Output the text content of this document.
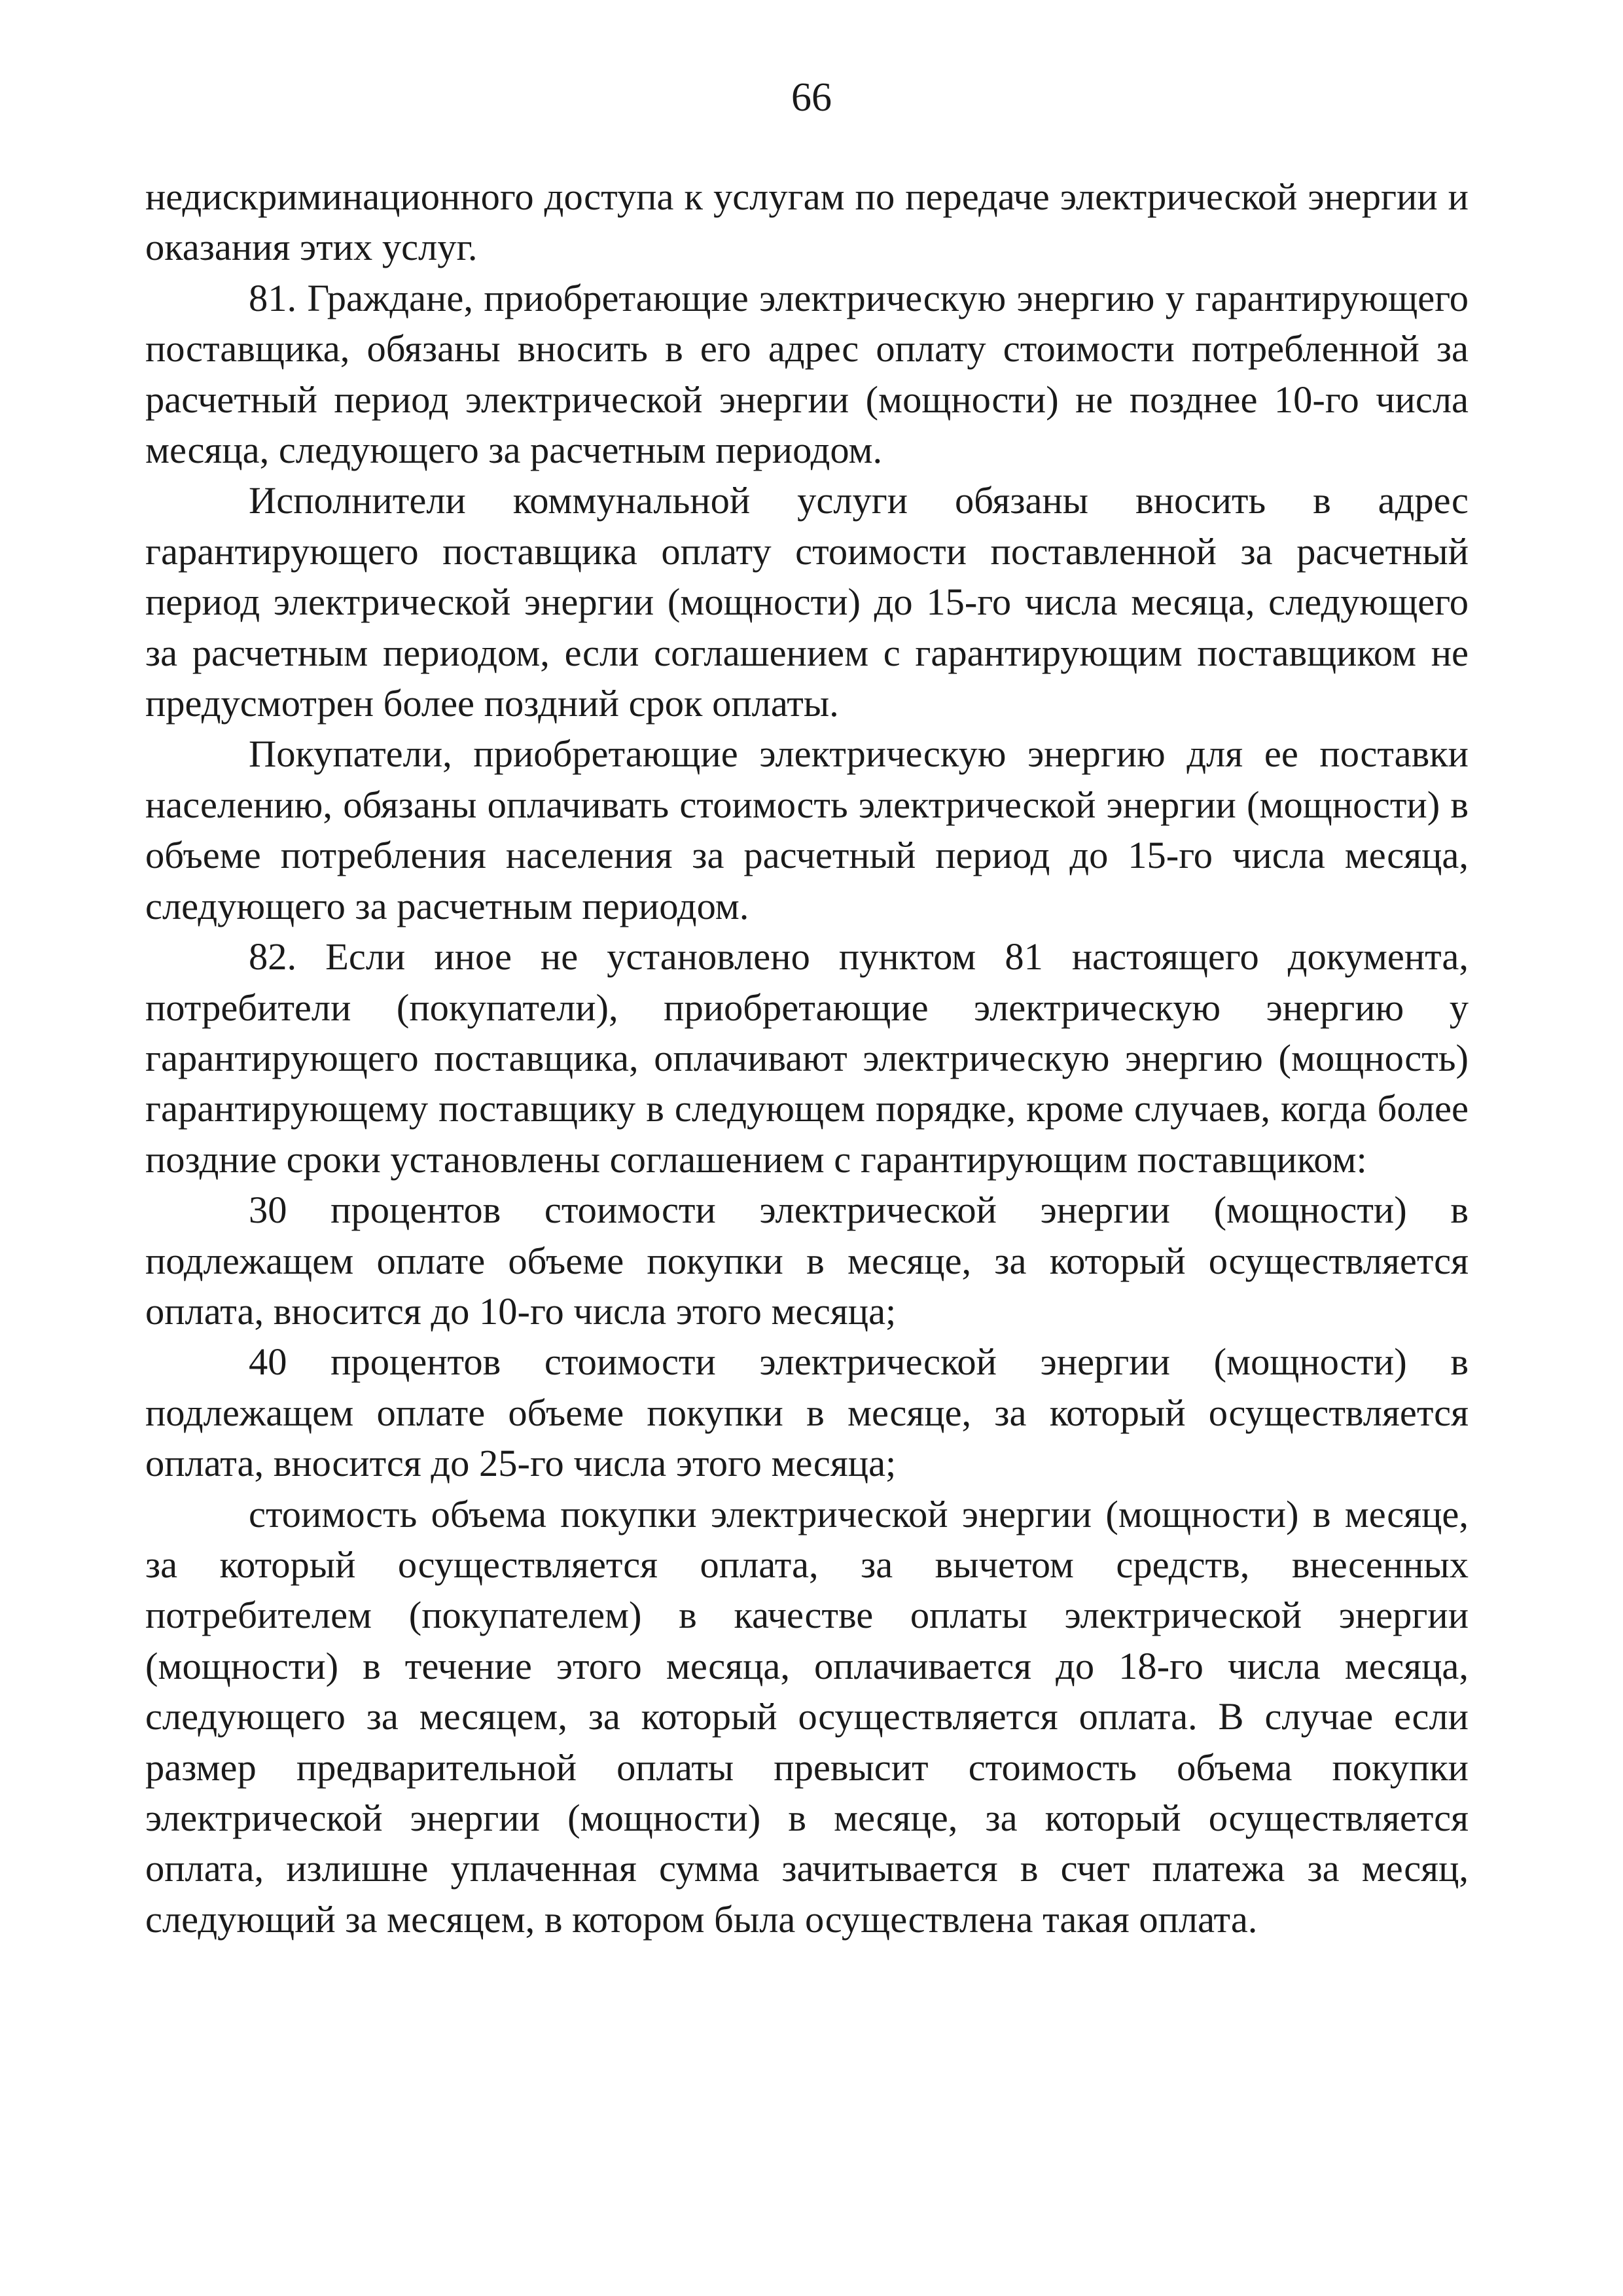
66

недискриминационного доступа к услугам по передаче электрической энергии и оказания этих услуг.

81. Граждане, приобретающие электрическую энергию у гарантирующего поставщика, обязаны вносить в его адрес оплату стоимости потребленной за расчетный период электрической энергии (мощности) не позднее 10-го числа месяца, следующего за расчетным периодом.

Исполнители коммунальной услуги обязаны вносить в адрес гарантирующего поставщика оплату стоимости поставленной за расчетный период электрической энергии (мощности) до 15-го числа месяца, следующего за расчетным периодом, если соглашением с гарантирующим поставщиком не предусмотрен более поздний срок оплаты.

Покупатели, приобретающие электрическую энергию для ее поставки населению, обязаны оплачивать стоимость электрической энергии (мощности) в объеме потребления населения за расчетный период до 15-го числа месяца, следующего за расчетным периодом.

82. Если иное не установлено пунктом 81 настоящего документа, потребители (покупатели), приобретающие электрическую энергию у гарантирующего поставщика, оплачивают электрическую энергию (мощность) гарантирующему поставщику в следующем порядке, кроме случаев, когда более поздние сроки установлены соглашением с гарантирующим поставщиком:

30 процентов стоимости электрической энергии (мощности) в подлежащем оплате объеме покупки в месяце, за который осуществляется оплата, вносится до 10-го числа этого месяца;

40 процентов стоимости электрической энергии (мощности) в подлежащем оплате объеме покупки в месяце, за который осуществляется оплата, вносится до 25-го числа этого месяца;

стоимость объема покупки электрической энергии (мощности) в месяце, за который осуществляется оплата, за вычетом средств, внесенных потребителем (покупателем) в качестве оплаты электрической энергии (мощности) в течение этого месяца, оплачивается до 18-го числа месяца, следующего за месяцем, за который осуществляется оплата. В случае если размер предварительной оплаты превысит стоимость объема покупки электрической энергии (мощности) в месяце, за который осуществляется оплата, излишне уплаченная сумма зачитывается в счет платежа за месяц, следующий за месяцем, в котором была осуществлена такая оплата.
